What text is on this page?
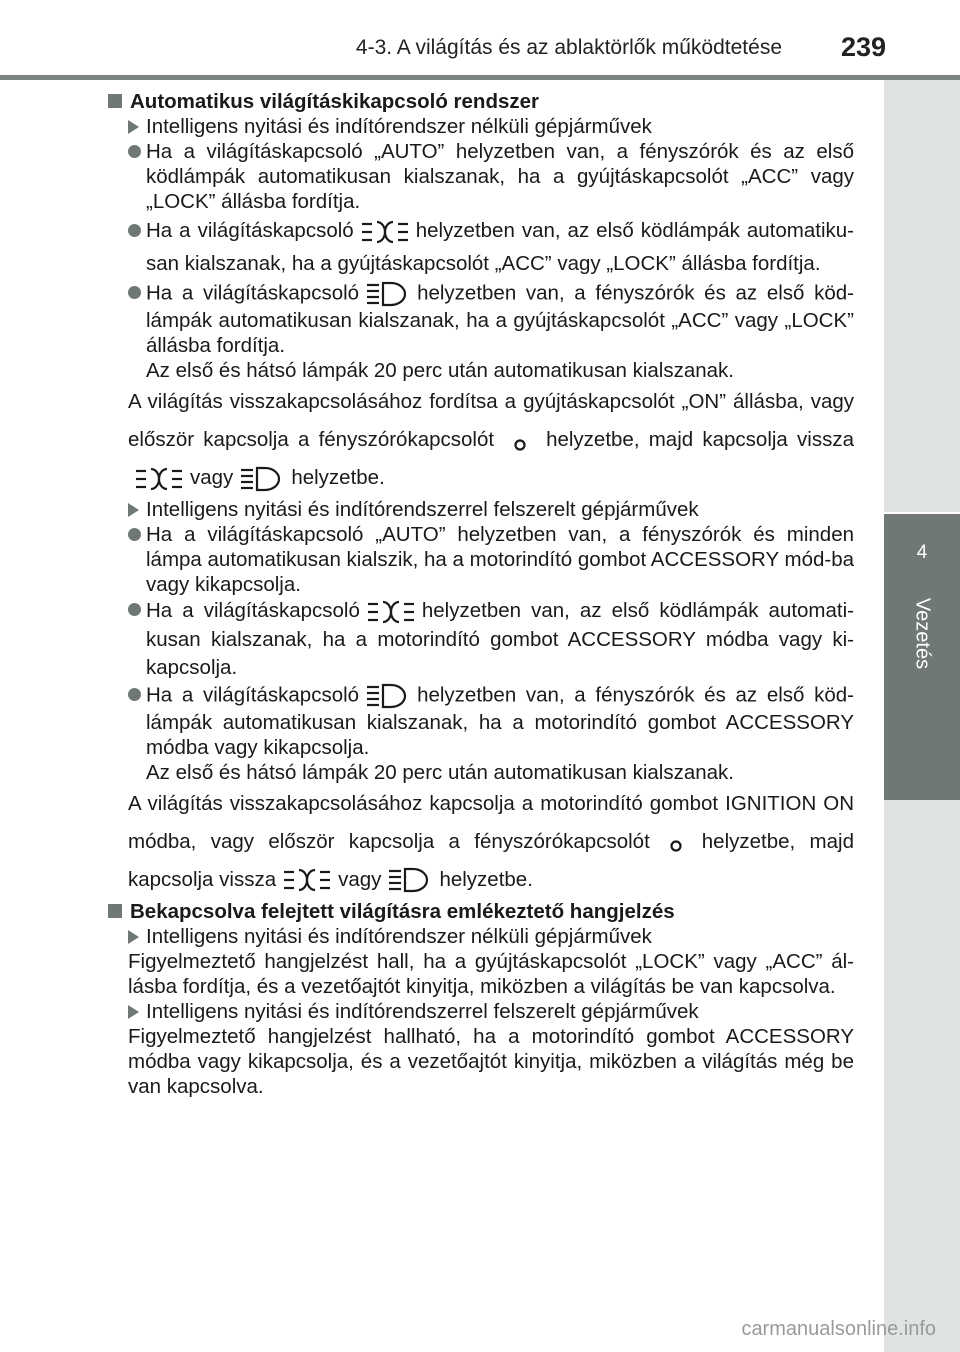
4-3. A világítás és az ablaktörlők működtetése 239
4
Vezetés

Automatikus világításkikapcsoló rendszer

Intelligens nyitási és indítórendszer nélküli gépjárművek

Ha a világításkapcsoló „AUTO” helyzetben van, a fényszórók és az első ködlámpák automatikusan kialszanak, ha a gyújtáskapcsolót „ACC” vagy „LOCK” állásba fordítja.

Ha a világításkapcsoló	helyzetben van, az első ködlámpák automatiku-san kialszanak, ha a gyújtáskapcsolót „ACC” vagy „LOCK” állásba fordítja.

Ha a világításkapcsoló	helyzetben van, a fényszórók és az első köd-lámpák automatikusan kialszanak, ha a gyújtáskapcsolót „ACC” vagy „LOCK” állásba fordítja.
Az első és hátsó lámpák 20 perc után automatikusan kialszanak.

A világítás visszakapcsolásához fordítsa a gyújtáskapcsolót „ON” állásba, vagy először kapcsolja a fényszórókapcsolót	helyzetbe, majd kapcsolja visszavagy	helyzetbe.

Intelligens nyitási és indítórendszerrel felszerelt gépjárművek

Ha a világításkapcsoló „AUTO” helyzetben van, a fényszórók és minden lámpa automatikusan kialszik, ha a motorindító gombot ACCESSORY mód-ba vagy kikapcsolja.

Ha a világításkapcsoló	helyzetben van, az első ködlámpák automati-kusan kialszanak, ha a motorindító gombot ACCESSORY módba vagy ki-kapcsolja.

Ha a világításkapcsoló	helyzetben van, a fényszórók és az első köd-lámpák automatikusan kialszanak, ha a motorindító gombot ACCESSORY módba vagy kikapcsolja.
Az első és hátsó lámpák 20 perc után automatikusan kialszanak.

A világítás visszakapcsolásához kapcsolja a motorindító gombot IGNITION ON módba, vagy először kapcsolja a fényszórókapcsolót	helyzetbe, majd kapcsolja vissza	vagy	helyzetbe.

Bekapcsolva felejtett világításra emlékeztető hangjelzés

Intelligens nyitási és indítórendszer nélküli gépjárművek

Figyelmeztető hangjelzést hall, ha a gyújtáskapcsolót „LOCK” vagy „ACC” ál-lásba fordítja, és a vezetőajtót kinyitja, miközben a világítás be van kapcsolva.

Intelligens nyitási és indítórendszerrel felszerelt gépjárművek

Figyelmeztető hangjelzést hallható, ha a motorindító gombot ACCESSORY módba vagy kikapcsolja, és a vezetőajtót kinyitja, miközben a világítás még be van kapcsolva.

carmanualsonline.info
